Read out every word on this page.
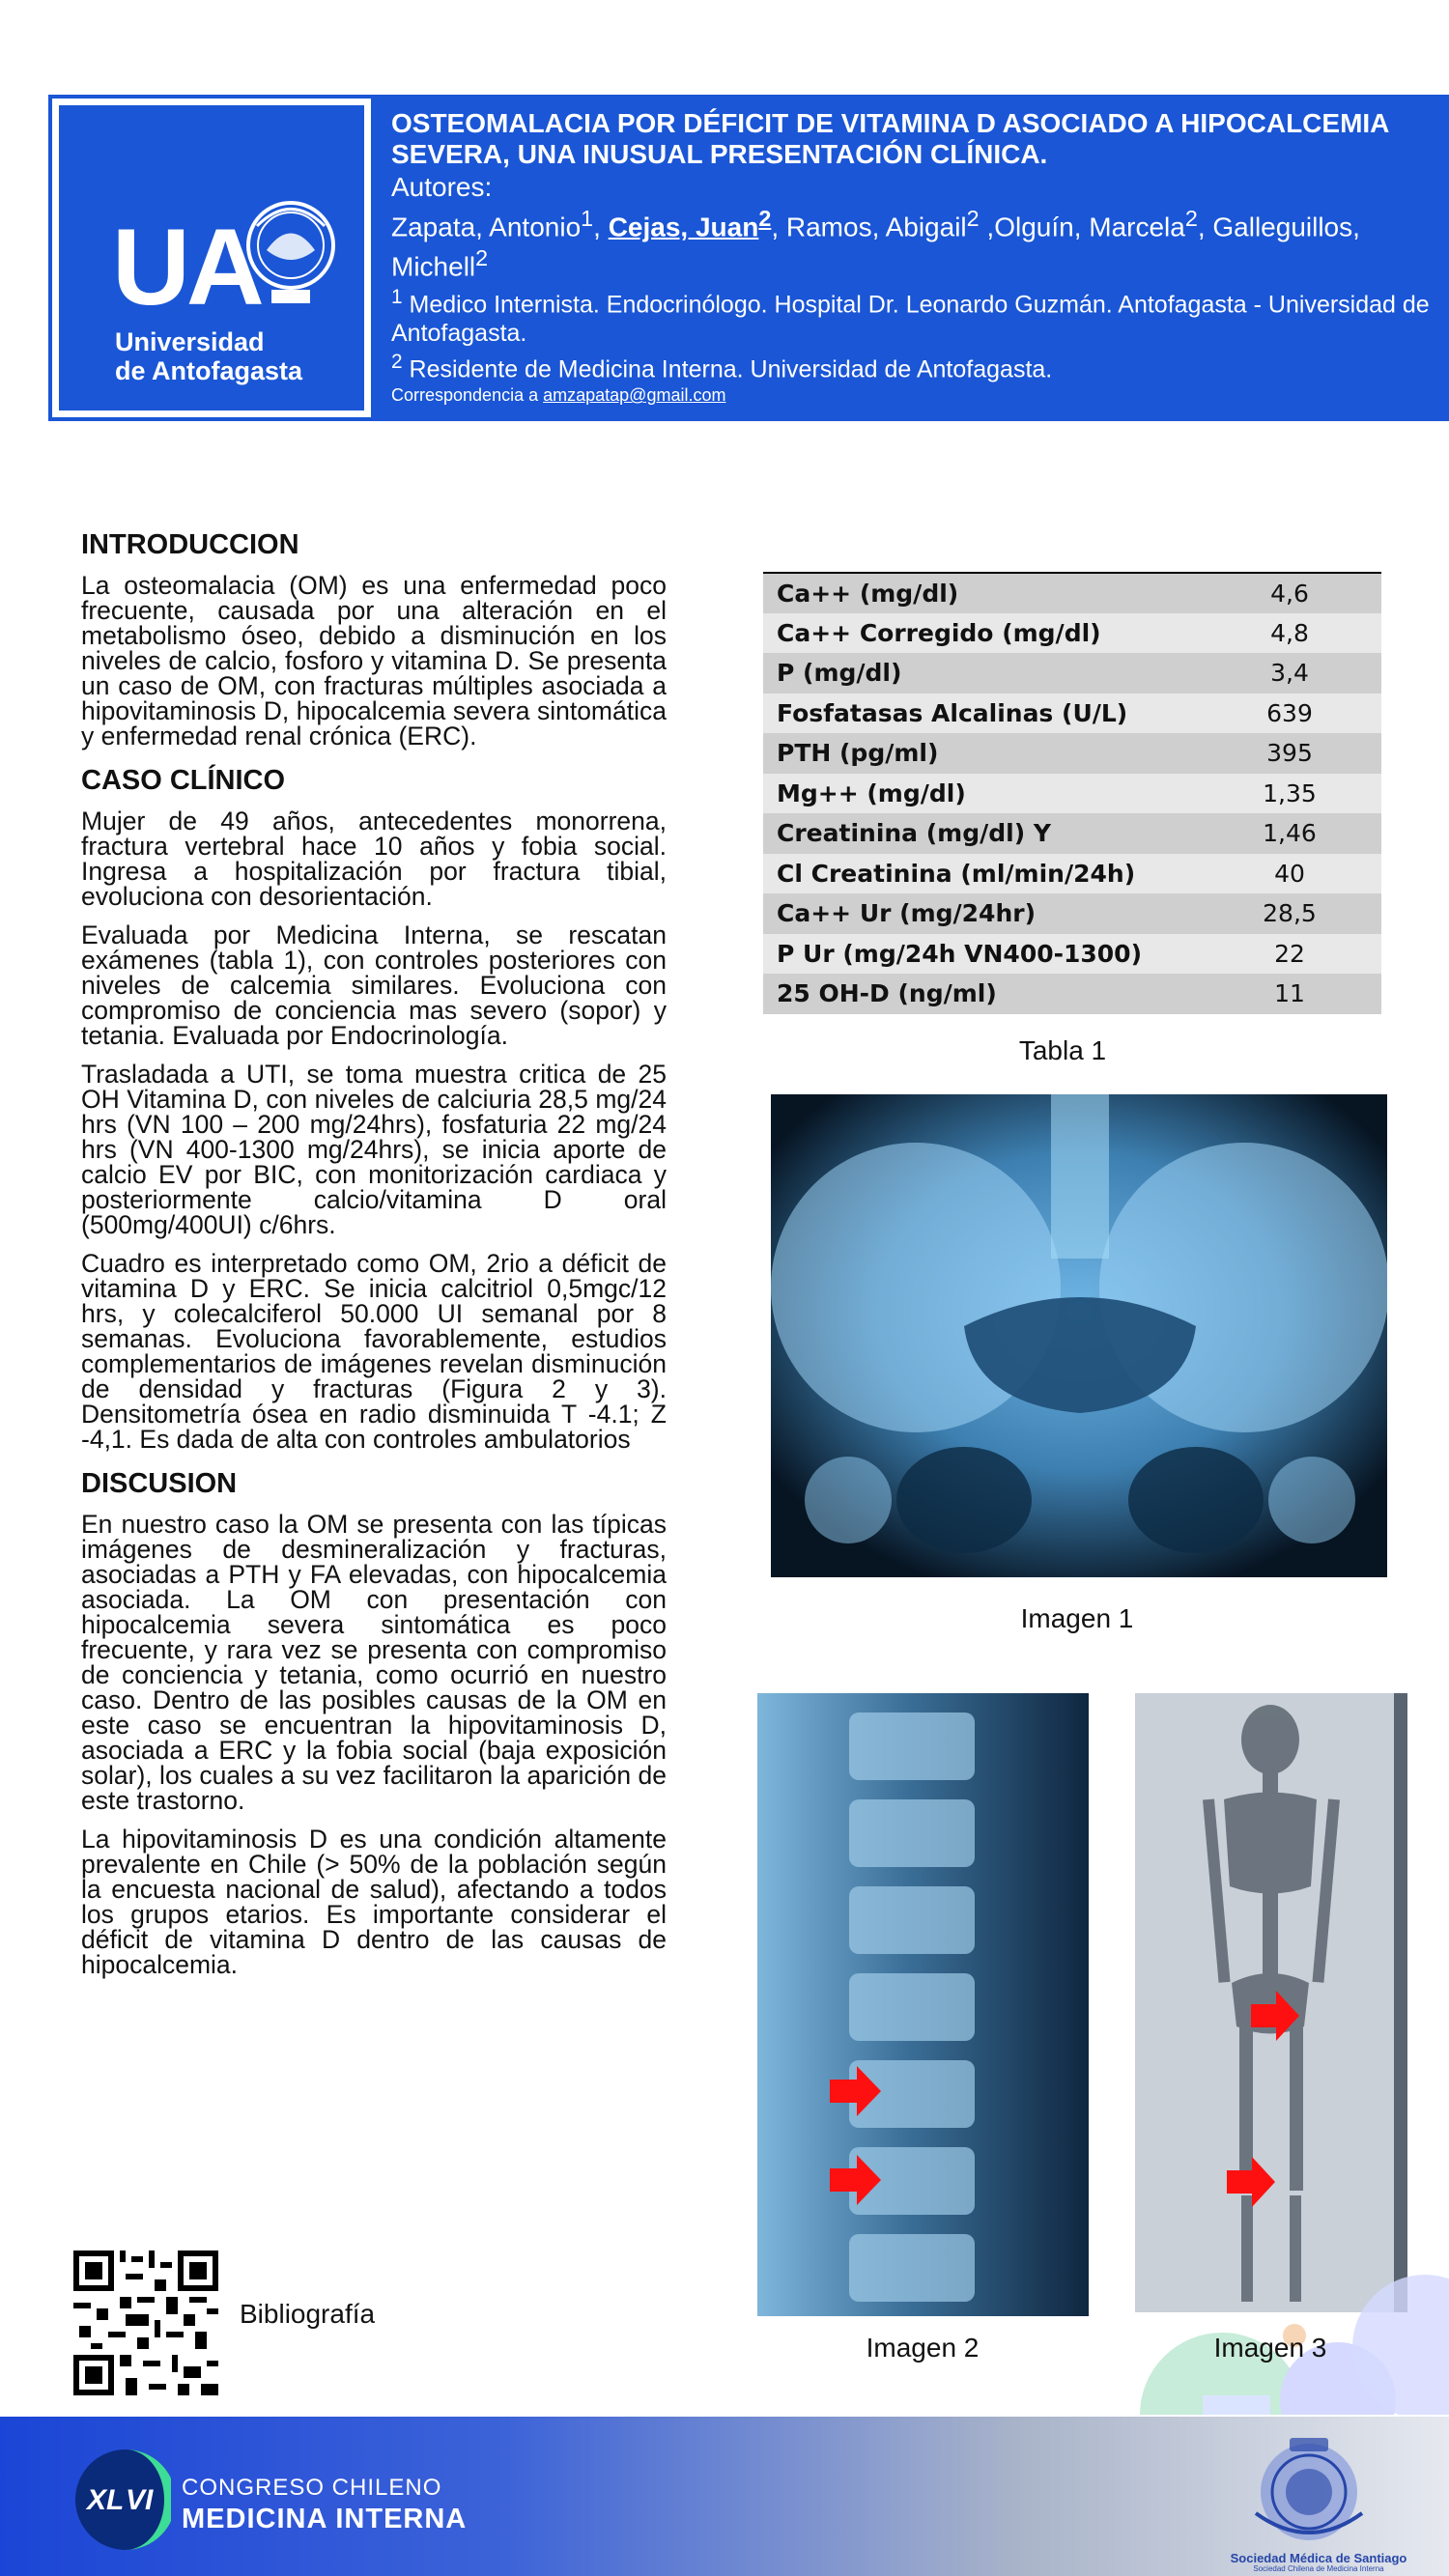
UA
Universidad
de Antofagasta
OSTEOMALACIA POR DÉFICIT DE VITAMINA D ASOCIADO A HIPOCALCEMIA SEVERA, UNA INUSUAL PRESENTACIÓN CLÍNICA.
Autores:
Zapata, Antonio$^1$, Cejas, Juan$^2$, Ramos, Abigail$^2$ ,Olguín, Marcela$^2$, Galleguillos, Michell$^2$
$^1$ Medico Internista. Endocrinólogo. Hospital Dr. Leonardo Guzmán. Antofagasta - Universidad de Antofagasta.
$^2$ Residente de Medicina Interna. Universidad de Antofagasta.
Correspondencia a amzapatap@gmail.com
INTRODUCCION

La osteomalacia (OM) es una enfermedad poco frecuente, causada por una alteración en el metabolismo óseo, debido a disminución en los niveles de calcio, fosforo y vitamina D. Se presenta un caso de OM, con fracturas múltiples asociada a hipovitaminosis D, hipocalcemia severa sintomática y enfermedad renal crónica (ERC).

CASO CLÍNICO

Mujer de 49 años, antecedentes monorrena, fractura vertebral hace 10 años y fobia social. Ingresa a hospitalización por fractura tibial, evoluciona con desorientación.

Evaluada por Medicina Interna, se rescatan exámenes (tabla 1), con controles posteriores con niveles de calcemia similares. Evoluciona con compromiso de conciencia mas severo (sopor) y tetania. Evaluada por Endocrinología.

Trasladada a UTI, se toma muestra critica de 25 OH Vitamina D, con niveles de calciuria 28,5 mg/24 hrs (VN 100 – 200 mg/24hrs), fosfaturia 22 mg/24 hrs (VN 400-1300 mg/24hrs), se inicia aporte de calcio EV por BIC, con monitorización cardiaca y posteriormente calcio/vitamina D oral (500mg/400UI) c/6hrs.

Cuadro es interpretado como OM, 2rio a déficit de vitamina D y ERC. Se inicia calcitriol 0,5mgc/12 hrs, y colecalciferol 50.000 UI semanal por 8 semanas. Evoluciona favorablemente, estudios complementarios de imágenes revelan disminución de densidad y fracturas (Figura 2 y 3). Densitometría ósea en radio disminuida T -4.1; Z -4,1. Es dada de alta con controles ambulatorios

DISCUSION

En nuestro caso la OM se presenta con las típicas imágenes de desmineralización y fracturas, asociadas a PTH y FA elevadas, con hipocalcemia asociada. La OM con presentación con hipocalcemia severa sintomática es poco frecuente, y rara vez se presenta con compromiso de conciencia y tetania, como ocurrió en nuestro caso. Dentro de las posibles causas de la OM en este caso se encuentran la hipovitaminosis D, asociada a ERC y la fobia social (baja exposición solar), los cuales a su vez facilitaron la aparición de este trastorno.

La hipovitaminosis D es una condición altamente prevalente en Chile (> 50% de la población según la encuesta nacional de salud), afectando a todos los grupos etarios. Es importante considerar el déficit de vitamina D dentro de las causas de hipocalcemia.

Ca++ (mg/dl)	4,6
Ca++ Corregido (mg/dl)	4,8
P (mg/dl)	3,4
Fosfatasas Alcalinas (U/L)	639
PTH (pg/ml)	395
Mg++ (mg/dl)	1,35
Creatinina (mg/dl) Y	1,46
Cl Creatinina (ml/min/24h)	40
Ca++ Ur (mg/24hr)	28,5
P Ur (mg/24h VN400-1300)	22
25 OH-D (ng/ml)	11
Tabla 1
Imagen 1
Imagen 2	Imagen 3
Bibliografía
XL VI CONGRESO CHILENO
MEDICINA INTERNA
Sociedad Médica de Santiago
Sociedad Chilena de Medicina Interna
